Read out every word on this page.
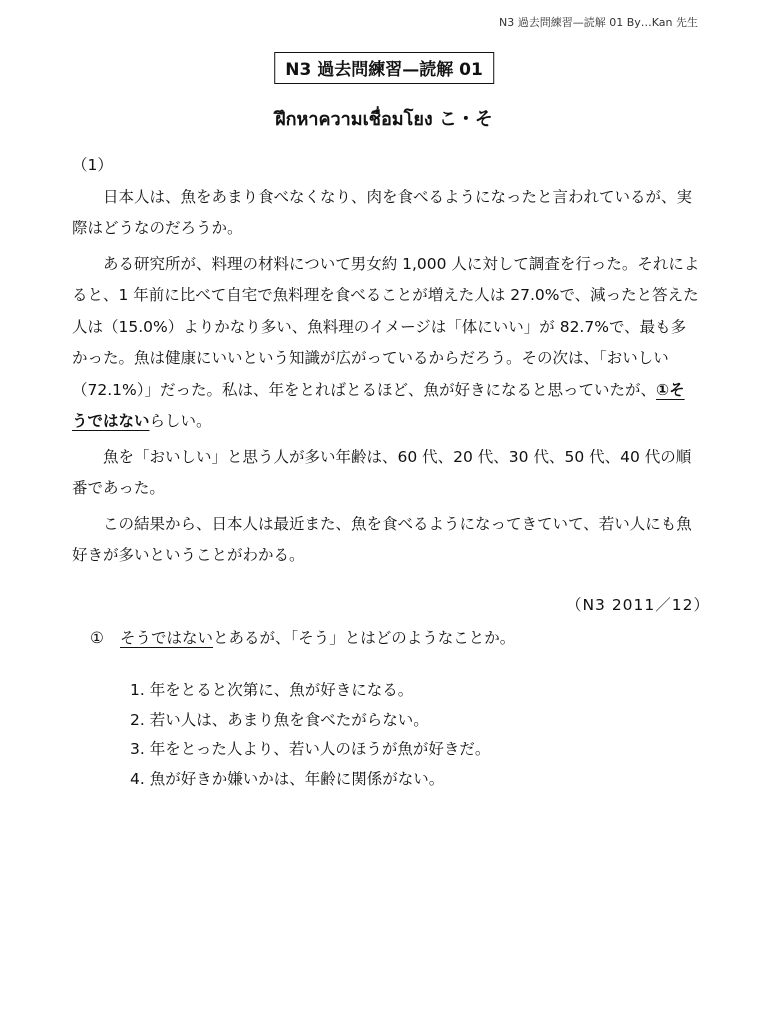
N3 過去問練習—読解 01 By…Kan 先生
N3 過去問練習—読解 01
ฝึกหาความเชื่อมโยง こ・そ

（1）

日本人は、魚をあまり食べなくなり、肉を食べるようになったと言われているが、実際はどうなのだろうか。

ある研究所が、料理の材料について男女約 1,000 人に対して調査を行った。それによると、1 年前に比べて自宅で魚料理を食べることが増えた人は 27.0%で、減ったと答えた人は（15.0%）よりかなり多い、魚料理のイメージは「体にいい」が 82.7%で、最も多かった。魚は健康にいいという知識が広がっているからだろう。その次は、「おいしい（72.1%）」だった。私は、年をとればとるほど、魚が好きになると思っていたが、①そうではないらしい。

魚を「おいしい」と思う人が多い年齢は、60 代、20 代、30 代、50 代、40 代の順番であった。

この結果から、日本人は最近また、魚を食べるようになってきていて、若い人にも魚好きが多いということがわかる。

（N3 2011／12）
① そうではないとあるが、「そう」とはどのようなことか。
1. 年をとると次第に、魚が好きになる。
2. 若い人は、あまり魚を食べたがらない。
3. 年をとった人より、若い人のほうが魚が好きだ。
4. 魚が好きか嫌いかは、年齢に関係がない。
